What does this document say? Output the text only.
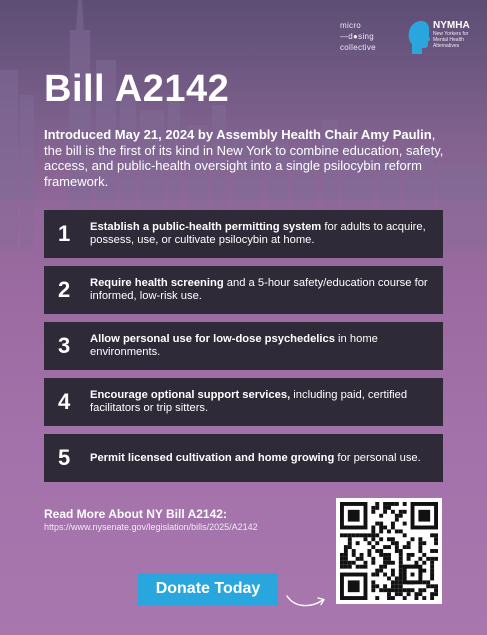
micro
—d●sing
collective
NYMHA
New Yorkers for Mental Health Alternatives
Bill A2142

Introduced May 21, 2024 by Assembly Health Chair Amy Paulin, the bill is the first of its kind in New York to combine education, safety, access, and public-health oversight into a single psilocybin reform framework.

1	Establish a public-health permitting system for adults to acquire, possess, use, or cultivate psilocybin at home.
2	Require health screening and a 5-hour safety/education course for informed, low-risk use.
3	Allow personal use for low-dose psychedelics in home environments.
4	Encourage optional support services, including paid, certified facilitators or trip sitters.
5	Permit licensed cultivation and home growing for personal use.

Read More About NY Bill A2142:

https://www.nysenate.gov/legislation/bills/2025/A2142

Donate Today
